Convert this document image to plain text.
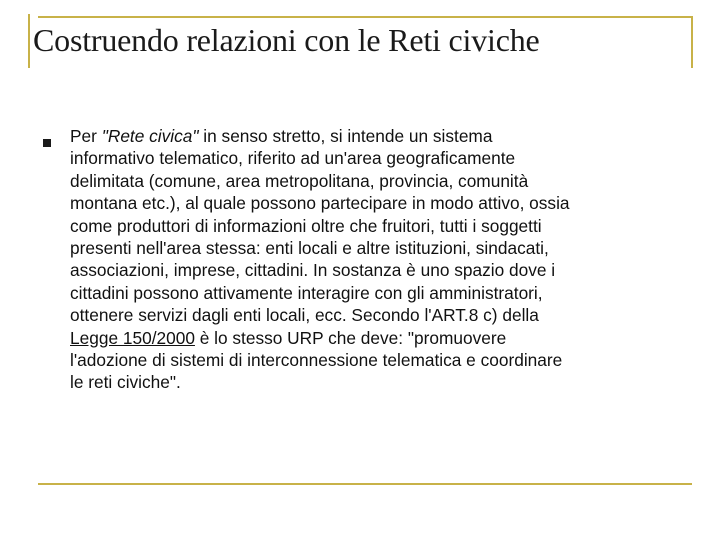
Costruendo relazioni con le Reti civiche

Per "Rete civica" in senso stretto, si intende un sistema
informativo telematico, riferito ad un'area geograficamente
delimitata (comune, area metropolitana, provincia, comunità
montana etc.), al quale possono partecipare in modo attivo, ossia
come produttori di informazioni oltre che fruitori, tutti i soggetti
presenti nell'area stessa: enti locali e altre istituzioni, sindacati,
associazioni, imprese, cittadini. In sostanza è uno spazio dove i
cittadini possono attivamente interagire con gli amministratori,
ottenere servizi dagli enti locali, ecc. Secondo l'ART.8 c) della
Legge 150/2000 è lo stesso URP che deve: "promuovere
l'adozione di sistemi di interconnessione telematica e coordinare
le reti civiche".
